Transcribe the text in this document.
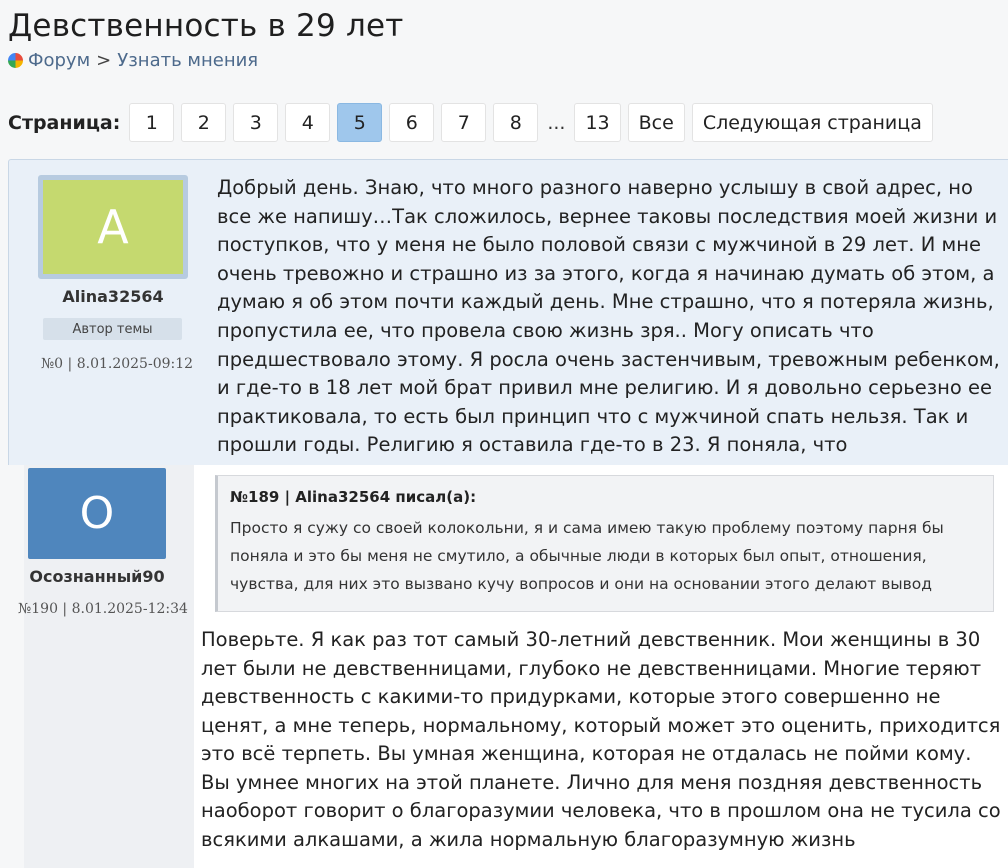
Девственность в 29 лет
Форум > Узнать мнения
Страница:	1	2	3	4	5	6	7	8	...	13	Все	Следующая страница
A
Alina32564
Автор темы
№0 | 8.01.2025-09:12
Добрый день. Знаю, что много разного наверно услышу в свой адрес, но все же напишу…Так сложилось, вернее таковы последствия моей жизни и поступков, что у меня не было половой связи с мужчиной в 29 лет. И мне очень тревожно и страшно из за этого, когда я начинаю думать об этом, а думаю я об этом почти каждый день. Мне страшно, что я потеряла жизнь, пропустила ее, что провела свою жизнь зря.. Могу описать что предшествовало этому. Я росла очень застенчивым, тревожным ребенком, и где-то в 18 лет мой брат привил мне религию. И я довольно серьезно ее практиковала, то есть был принцип что с мужчиной спать нельзя. Так и прошли годы. Религию я оставила где-то в 23. Я поняла, что
О
Осознанный90
№190 | 8.01.2025-12:34
№189 | Alina32564 писал(а):
Просто я сужу со своей колокольни, я и сама имею такую проблему поэтому парня бы поняла и это бы меня не смутило, а обычные люди в которых был опыт, отношения, чувства, для них это вызвано кучу вопросов и они на основании этого делают вывод
Поверьте. Я как раз тот самый 30-летний девственник. Мои женщины в 30 лет были не девственницами, глубоко не девственницами. Многие теряют девственность с какими-то придурками, которые этого совершенно не ценят, а мне теперь, нормальному, который может это оценить, приходится это всё терпеть. Вы умная женщина, которая не отдалась не пойми кому. Вы умнее многих на этой планете. Лично для меня поздняя девственность наоборот говорит о благоразумии человека, что в прошлом она не тусила со всякими алкашами, а жила нормальную благоразумную жизнь
